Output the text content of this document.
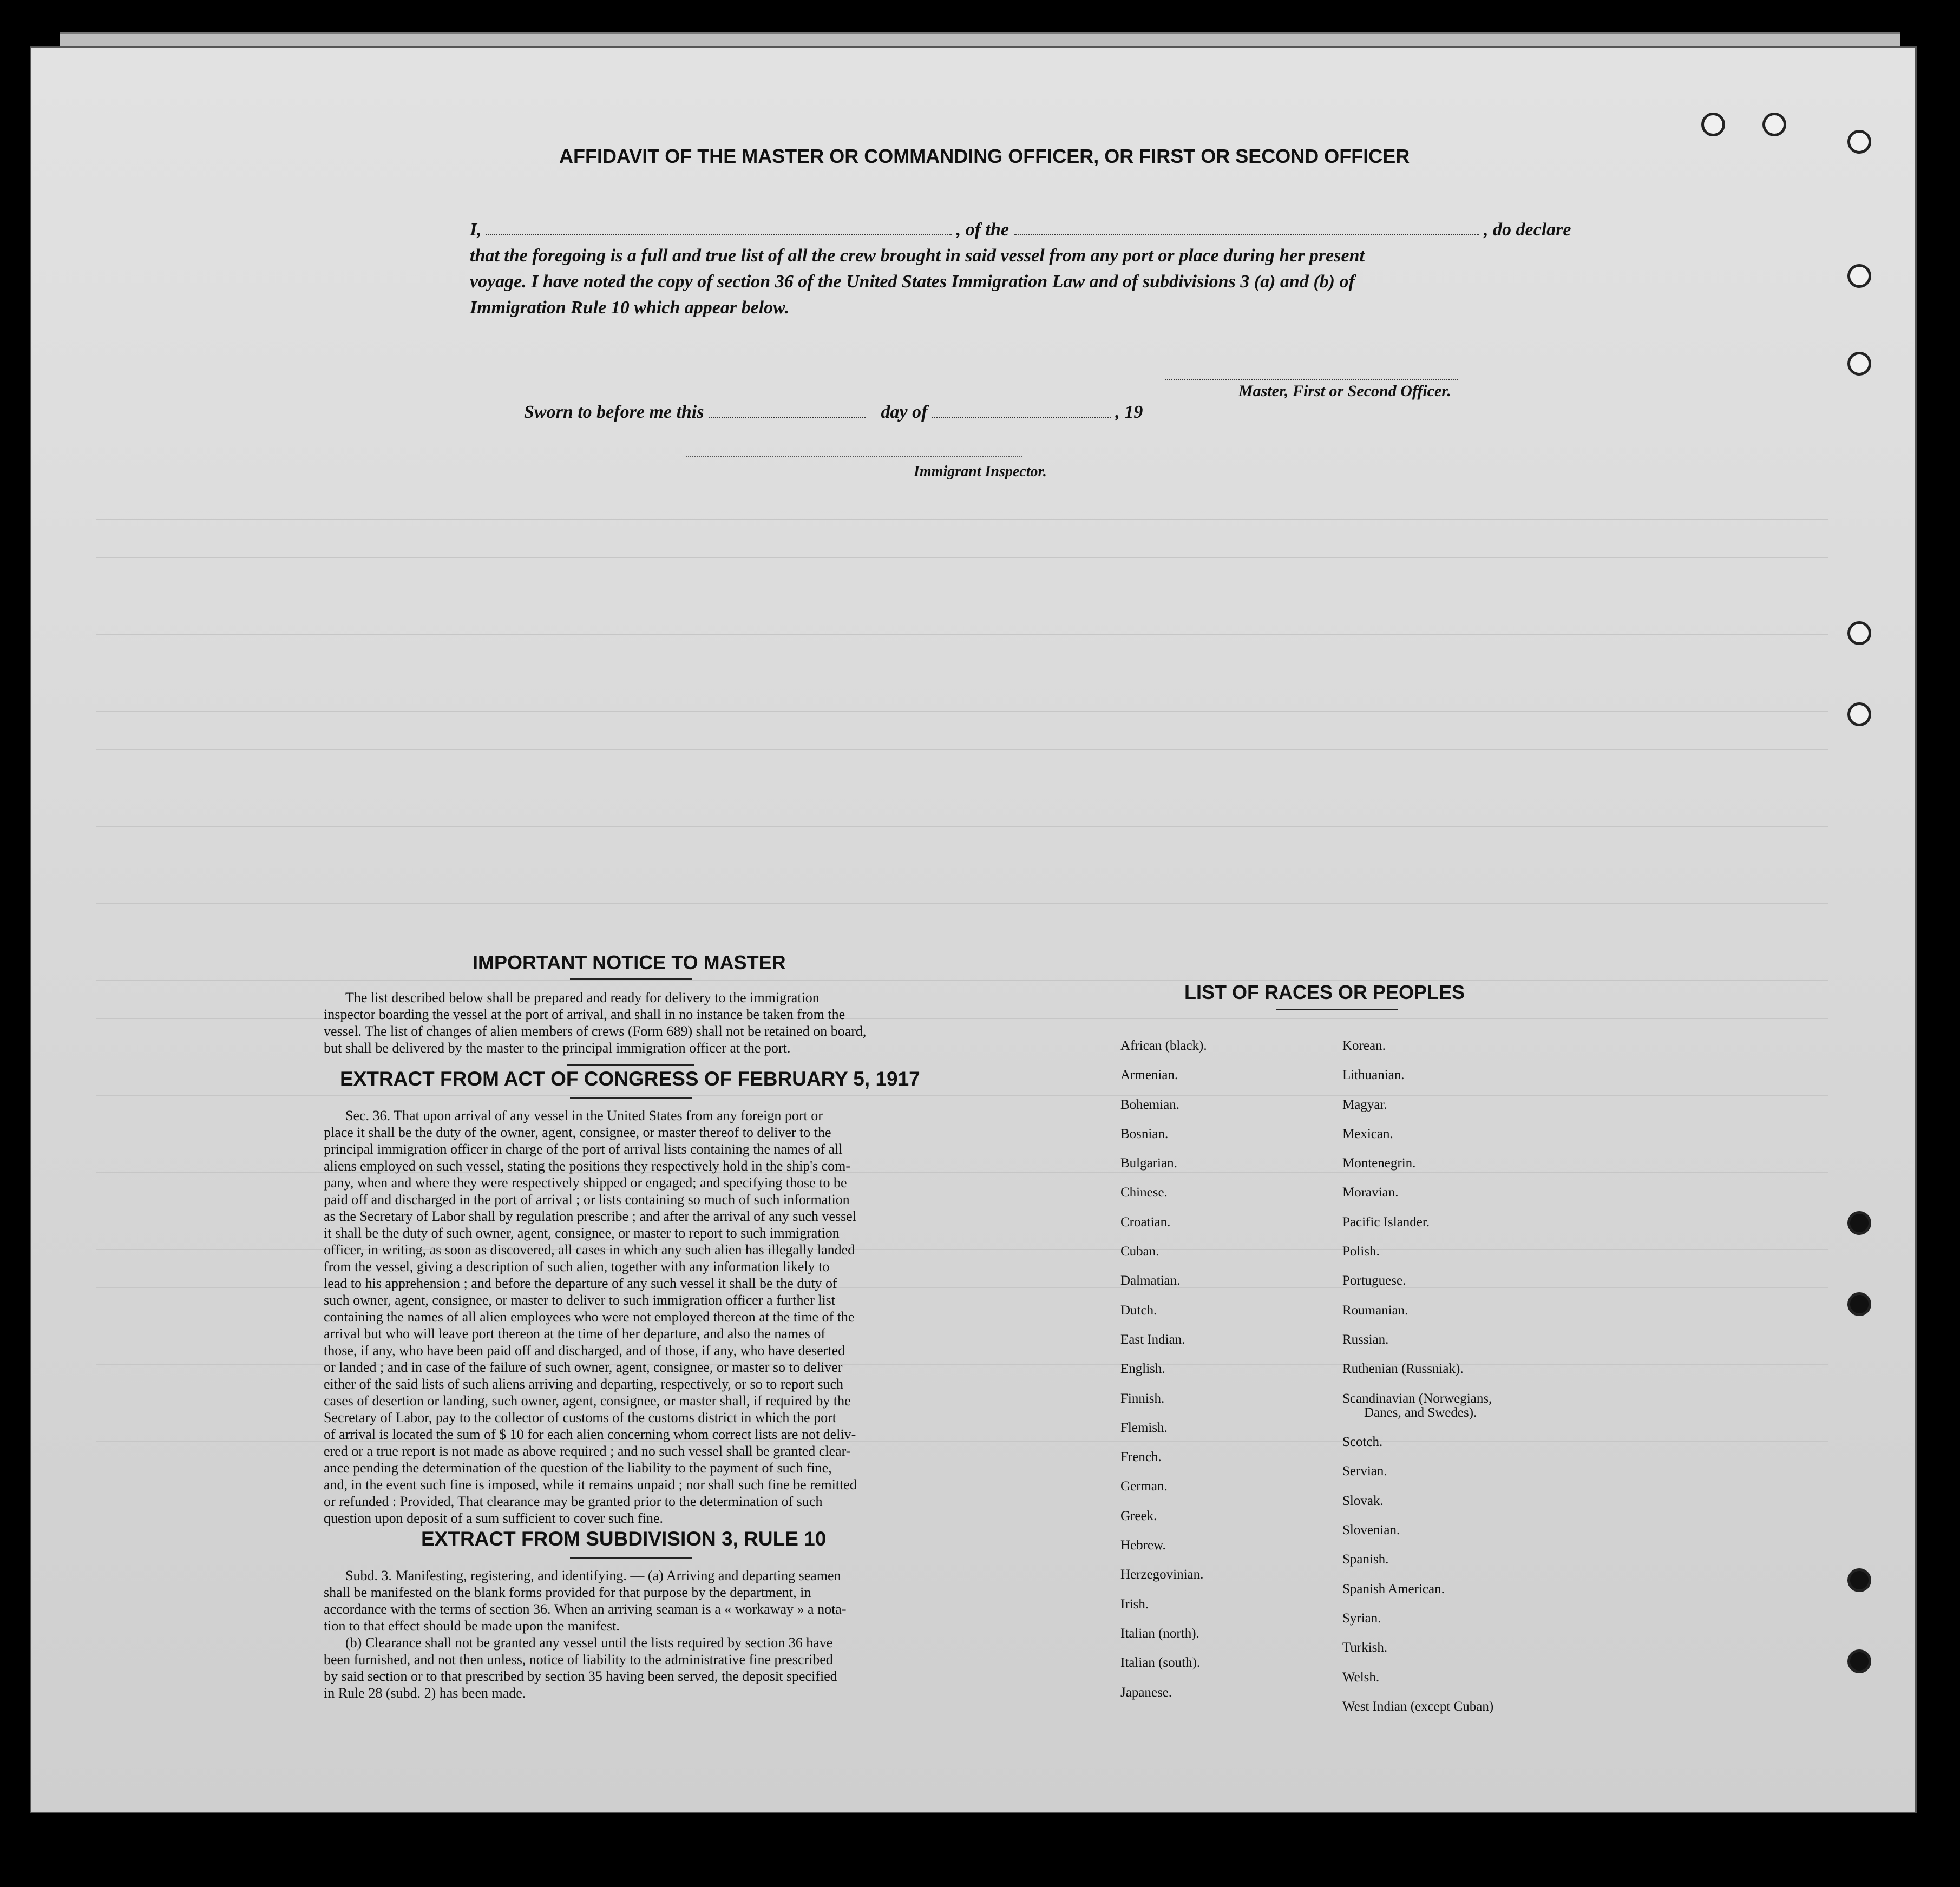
AFFIDAVIT OF THE MASTER OR COMMANDING OFFICER, OR FIRST OR SECOND OFFICER
I,	, of the	, do declare
that the foregoing is a full and true list of all the crew brought in said vessel from any port or place during her present
voyage. I have noted the copy of section 36 of the United States Immigration Law and of subdivisions 3 (a) and (b) of
Immigration Rule 10 which appear below.
Master, First or Second Officer.
Sworn to before me this	day of	, 19
Immigrant Inspector.
IMPORTANT NOTICE TO MASTER
The list described below shall be prepared and ready for delivery to the immigration
inspector boarding the vessel at the port of arrival, and shall in no instance be taken from the
vessel. The list of changes of alien members of crews (Form 689) shall not be retained on board,
but shall be delivered by the master to the principal immigration officer at the port.
EXTRACT FROM ACT OF CONGRESS OF FEBRUARY 5, 1917
Sec. 36. That upon arrival of any vessel in the United States from any foreign port or
place it shall be the duty of the owner, agent, consignee, or master thereof to deliver to the
principal immigration officer in charge of the port of arrival lists containing the names of all
aliens employed on such vessel, stating the positions they respectively hold in the ship's com-
pany, when and where they were respectively shipped or engaged; and specifying those to be
paid off and discharged in the port of arrival ; or lists containing so much of such information
as the Secretary of Labor shall by regulation prescribe ; and after the arrival of any such vessel
it shall be the duty of such owner, agent, consignee, or master to report to such immigration
officer, in writing, as soon as discovered, all cases in which any such alien has illegally landed
from the vessel, giving a description of such alien, together with any information likely to
lead to his apprehension ; and before the departure of any such vessel it shall be the duty of
such owner, agent, consignee, or master to deliver to such immigration officer a further list
containing the names of all alien employees who were not employed thereon at the time of the
arrival but who will leave port thereon at the time of her departure, and also the names of
those, if any, who have been paid off and discharged, and of those, if any, who have deserted
or landed ; and in case of the failure of such owner, agent, consignee, or master so to deliver
either of the said lists of such aliens arriving and departing, respectively, or so to report such
cases of desertion or landing, such owner, agent, consignee, or master shall, if required by the
Secretary of Labor, pay to the collector of customs of the customs district in which the port
of arrival is located the sum of $ 10 for each alien concerning whom correct lists are not deliv-
ered or a true report is not made as above required ; and no such vessel shall be granted clear-
ance pending the determination of the question of the liability to the payment of such fine,
and, in the event such fine is imposed, while it remains unpaid ; nor shall such fine be remitted
or refunded : Provided, That clearance may be granted prior to the determination of such
question upon deposit of a sum sufficient to cover such fine.
EXTRACT FROM SUBDIVISION 3, RULE 10
Subd. 3. Manifesting, registering, and identifying. — (a) Arriving and departing seamen
shall be manifested on the blank forms provided for that purpose by the department, in
accordance with the terms of section 36. When an arriving seaman is a « workaway » a nota-
tion to that effect should be made upon the manifest.
(b) Clearance shall not be granted any vessel until the lists required by section 36 have
been furnished, and not then unless, notice of liability to the administrative fine prescribed
by said section or to that prescribed by section 35 having been served, the deposit specified
in Rule 28 (subd. 2) has been made.
LIST OF RACES OR PEOPLES
African (black).
Armenian.
Bohemian.
Bosnian.
Bulgarian.
Chinese.
Croatian.
Cuban.
Dalmatian.
Dutch.
East Indian.
English.
Finnish.
Flemish.
French.
German.
Greek.
Hebrew.
Herzegovinian.
Irish.
Italian (north).
Italian (south).
Japanese.
Korean.
Lithuanian.
Magyar.
Mexican.
Montenegrin.
Moravian.
Pacific Islander.
Polish.
Portuguese.
Roumanian.
Russian.
Ruthenian (Russniak).
Scandinavian (Norwegians,
Danes, and Swedes).
Scotch.
Servian.
Slovak.
Slovenian.
Spanish.
Spanish American.
Syrian.
Turkish.
Welsh.
West Indian (except Cuban)
